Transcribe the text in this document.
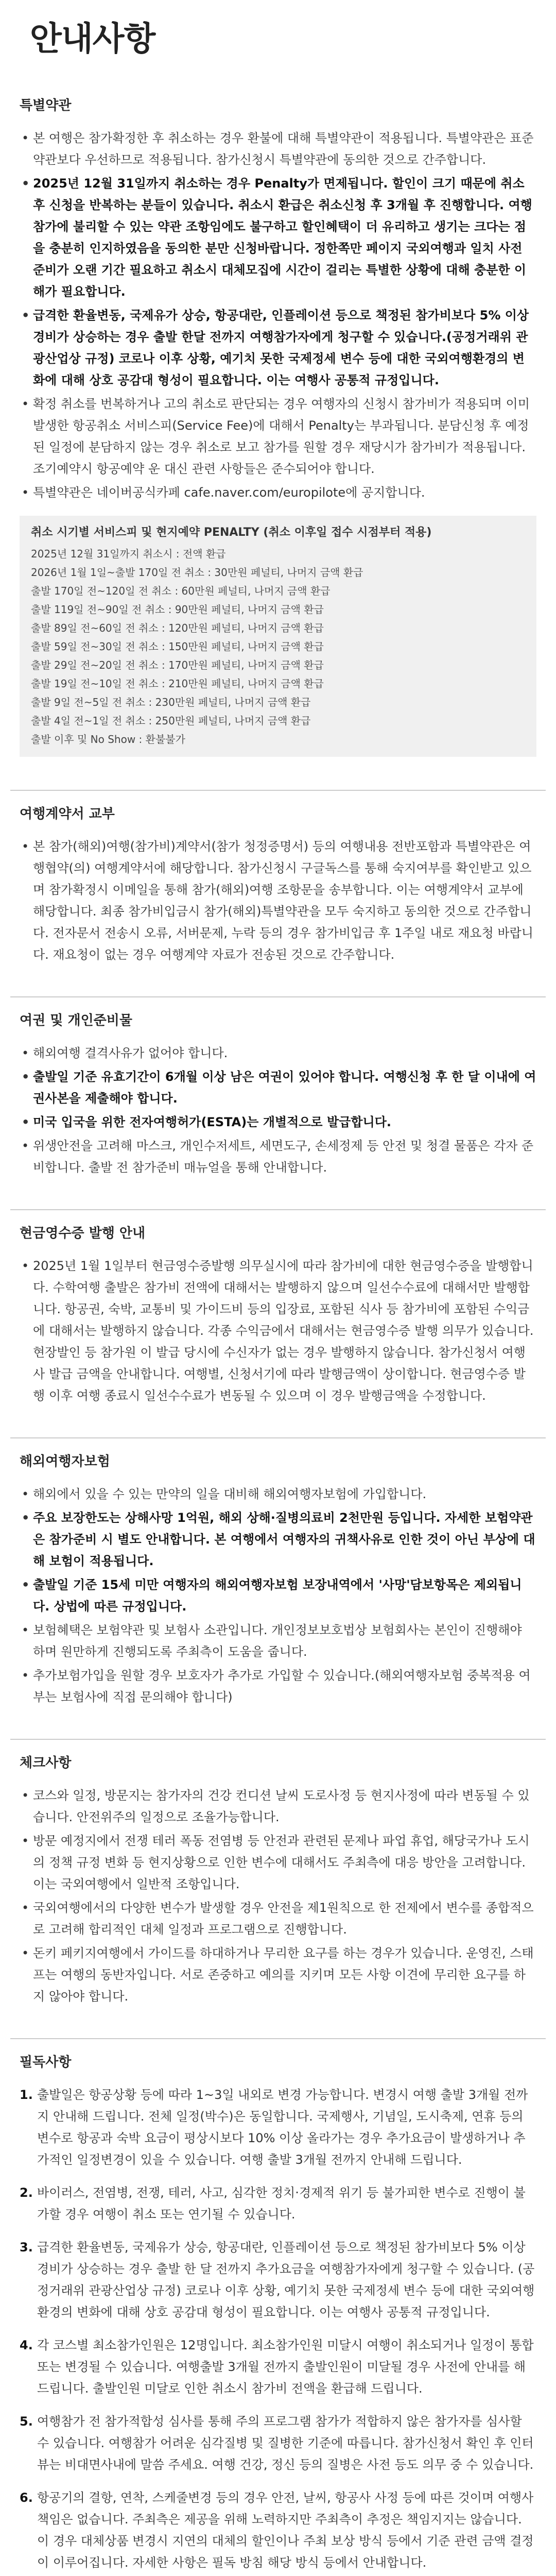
안내사항
특별약관
• 본 여행은 참가확정한 후 취소하는 경우 환불에 대해 특별약관이 적용됩니다. 특별약관은 표준약관보다 우선하므로 적용됩니다. 참가신청시 특별약관에 동의한 것으로 간주합니다.
• 2025년 12월 31일까지 취소하는 경우 Penalty가 면제됩니다. 할인이 크기 때문에 취소 후 신청을 반복하는 분들이 있습니다. 취소시 환급은 취소신청 후 3개월 후 진행합니다. 여행참가에 불리할 수 있는 약관 조항임에도 불구하고 할인혜택이 더 유리하고 생기는 크다는 점을 충분히 인지하였음을 동의한 분만 신청바랍니다. 정한쪽만 페이지 국외여행과 일치 사전 준비가 오랜 기간 필요하고 취소시 대체모집에 시간이 걸리는 특별한 상황에 대해 충분한 이해가 필요합니다.
• 급격한 환율변동, 국제유가 상승, 항공대란, 인플레이션 등으로 책정된 참가비보다 5% 이상 경비가 상승하는 경우 출발 한달 전까지 여행참가자에게 청구할 수 있습니다.(공정거래위 관광산업상 규정) 코로나 이후 상황, 예기치 못한 국제정세 변수 등에 대한 국외여행환경의 변화에 대해 상호 공감대 형성이 필요합니다. 이는 여행사 공통적 규정입니다.
• 확정 취소를 번복하거나 고의 취소로 판단되는 경우 여행자의 신청시 참가비가 적용되며 이미 발생한 항공취소 서비스피(Service Fee)에 대해서 Penalty는 부과됩니다. 분담신청 후 예정된 일정에 분담하지 않는 경우 취소로 보고 참가를 원할 경우 재당시가 참가비가 적용됩니다. 조기예약시 항공예약 운 대신 관련 사항들은 준수되어야 합니다.
• 특별약관은 네이버공식카페 cafe.naver.com/europilote에 공지합니다.
취소 시기별 서비스피 및 현지예약 PENALTY (취소 이후일 접수 시점부터 적용)
2025년 12월 31일까지 취소시 : 전액 환급
2026년 1월 1일~출발 170일 전 취소 : 30만원 페널티, 나머지 금액 환급
출발 170일 전~120일 전 취소 : 60만원 페널티, 나머지 금액 환급
출발 119일 전~90일 전 취소 : 90만원 페널티, 나머지 금액 환급
출발 89일 전~60일 전 취소 : 120만원 페널티, 나머지 금액 환급
출발 59일 전~30일 전 취소 : 150만원 페널티, 나머지 금액 환급
출발 29일 전~20일 전 취소 : 170만원 페널티, 나머지 금액 환급
출발 19일 전~10일 전 취소 : 210만원 페널티, 나머지 금액 환급
출발 9일 전~5일 전 취소 : 230만원 페널티, 나머지 금액 환급
출발 4일 전~1일 전 취소 : 250만원 페널티, 나머지 금액 환급
출발 이후 및 No Show : 환불불가
여행계약서 교부
• 본 참가(해외)여행(참가비)계약서(참가 청정증명서) 등의 여행내용 전반포함과 특별약관은 여행협약(의) 여행계약서에 해당합니다. 참가신청시 구글독스를 통해 숙지여부를 확인받고 있으며 참가확정시 이메일을 통해 참가(해외)여행 조항문을 송부합니다. 이는 여행계약서 교부에 해당합니다. 최종 참가비입금시 참가(해외)특별약관을 모두 숙지하고 동의한 것으로 간주합니다. 전자문서 전송시 오류, 서버문제, 누락 등의 경우 참가비입금 후 1주일 내로 재요청 바랍니다. 재요청이 없는 경우 여행계약 자료가 전송된 것으로 간주합니다.
여권 및 개인준비물
• 해외여행 결격사유가 없어야 합니다.
• 출발일 기준 유효기간이 6개월 이상 남은 여권이 있어야 합니다. 여행신청 후 한 달 이내에 여권사본을 제출해야 합니다.
• 미국 입국을 위한 전자여행허가(ESTA)는 개별적으로 발급합니다.
• 위생안전을 고려해 마스크, 개인수저세트, 세면도구, 손세정제 등 안전 및 청결 물품은 각자 준비합니다. 출발 전 참가준비 매뉴얼을 통해 안내합니다.
현금영수증 발행 안내
• 2025년 1월 1일부터 현금영수증발행 의무실시에 따라 참가비에 대한 현금영수증을 발행합니다. 수학여행 출발은 참가비 전액에 대해서는 발행하지 않으며 일선수수료에 대해서만 발행합니다. 항공권, 숙박, 교통비 및 가이드비 등의 입장료, 포함된 식사 등 참가비에 포함된 수익금에 대해서는 발행하지 않습니다. 각종 수익금에서 대해서는 현금영수증 발행 의무가 있습니다. 현장발인 등 참가원 이 발급 당시에 수신자가 없는 경우 발행하지 않습니다. 참가신청서 여행사 발급 금액을 안내합니다. 여행별, 신청서기에 따라 발행금액이 상이합니다. 현금영수증 발행 이후 여행 종료시 일선수수료가 변동될 수 있으며 이 경우 발행금액을 수정합니다.
해외여행자보험
• 해외에서 있을 수 있는 만약의 일을 대비해 해외여행자보험에 가입합니다.
• 주요 보장한도는 상해사망 1억원, 해외 상해·질병의료비 2천만원 등입니다. 자세한 보험약관은 참가준비 시 별도 안내합니다. 본 여행에서 여행자의 귀책사유로 인한 것이 아닌 부상에 대해 보험이 적용됩니다.
• 출발일 기준 15세 미만 여행자의 해외여행자보험 보장내역에서 '사망'담보항목은 제외됩니다. 상법에 따른 규정입니다.
• 보험혜택은 보험약관 및 보험사 소관입니다. 개인정보보호법상 보험회사는 본인이 진행해야 하며 원만하게 진행되도록 주최측이 도움을 줍니다.
• 추가보험가입을 원할 경우 보호자가 추가로 가입할 수 있습니다.(해외여행자보험 중복적용 여부는 보험사에 직접 문의해야 합니다)
체크사항
• 코스와 일정, 방문지는 참가자의 건강 컨디션 날씨 도로사정 등 현지사정에 따라 변동될 수 있습니다. 안전위주의 일정으로 조율가능합니다.
• 방문 예정지에서 전쟁 테러 폭동 전염병 등 안전과 관련된 문제나 파업 휴업, 해당국가나 도시의 정책 규정 변화 등 현지상황으로 인한 변수에 대해서도 주최측에 대응 방안을 고려합니다. 이는 국외여행에서 일반적 조항입니다.
• 국외여행에서의 다양한 변수가 발생할 경우 안전을 제1원칙으로 한 전제에서 변수를 종합적으로 고려해 합리적인 대체 일정과 프로그램으로 진행합니다.
• 돈키 페키지여행에서 가이드를 하대하거나 무리한 요구를 하는 경우가 있습니다. 운영진, 스태프는 여행의 동반자입니다. 서로 존중하고 예의를 지키며 모든 사항 이견에 무리한 요구를 하지 않아야 합니다.
필독사항
1. 출발일은 항공상황 등에 따라 1~3일 내외로 변경 가능합니다. 변경시 여행 출발 3개월 전까지 안내해 드립니다. 전체 일정(박수)은 동일합니다. 국제행사, 기념일, 도시축제, 연휴 등의 변수로 항공과 숙박 요금이 평상시보다 10% 이상 올라가는 경우 추가요금이 발생하거나 추가적인 일정변경이 있을 수 있습니다. 여행 출발 3개월 전까지 안내해 드립니다.
2. 바이러스, 전염병, 전쟁, 테러, 사고, 심각한 정치·경제적 위기 등 불가피한 변수로 진행이 불가할 경우 여행이 취소 또는 연기될 수 있습니다.
3. 급격한 환율변동, 국제유가 상승, 항공대란, 인플레이션 등으로 책정된 참가비보다 5% 이상 경비가 상승하는 경우 출발 한 달 전까지 추가요금을 여행참가자에게 청구할 수 있습니다. (공정거래위 관광산업상 규정) 코로나 이후 상황, 예기치 못한 국제정세 변수 등에 대한 국외여행환경의 변화에 대해 상호 공감대 형성이 필요합니다. 이는 여행사 공통적 규정입니다.
4. 각 코스별 최소참가인원은 12명입니다. 최소참가인원 미달시 여행이 취소되거나 일정이 통합 또는 변경될 수 있습니다. 여행출발 3개월 전까지 출발인원이 미달될 경우 사전에 안내를 해드립니다. 출발인원 미달로 인한 취소시 참가비 전액을 환급해 드립니다.
5. 여행참가 전 참가적합성 심사를 통해 주의 프로그램 참가가 적합하지 않은 참가자를 심사할 수 있습니다. 여행참가 어려운 심각질병 및 질병한 기준에 따릅니다. 참가신청서 확인 후 인터뷰는 비대면사내에 말씀 주세요. 여행 건강, 정신 등의 질병은 사전 등도 의무 중 수 있습니다.
6. 항공기의 결항, 연착, 스케줄변경 등의 경우 안전, 날씨, 항공사 사정 등에 따른 것이며 여행사 책임은 없습니다. 주최측은 제공을 위해 노력하지만 주최측이 추정은 책임지지는 않습니다. 이 경우 대체상품 변경시 지연의 대체의 할인이나 주최 보상 방식 등에서 기준 관련 금액 결정이 이루어집니다. 자세한 사항은 필독 방침 해당 방식 등에서 안내합니다.
